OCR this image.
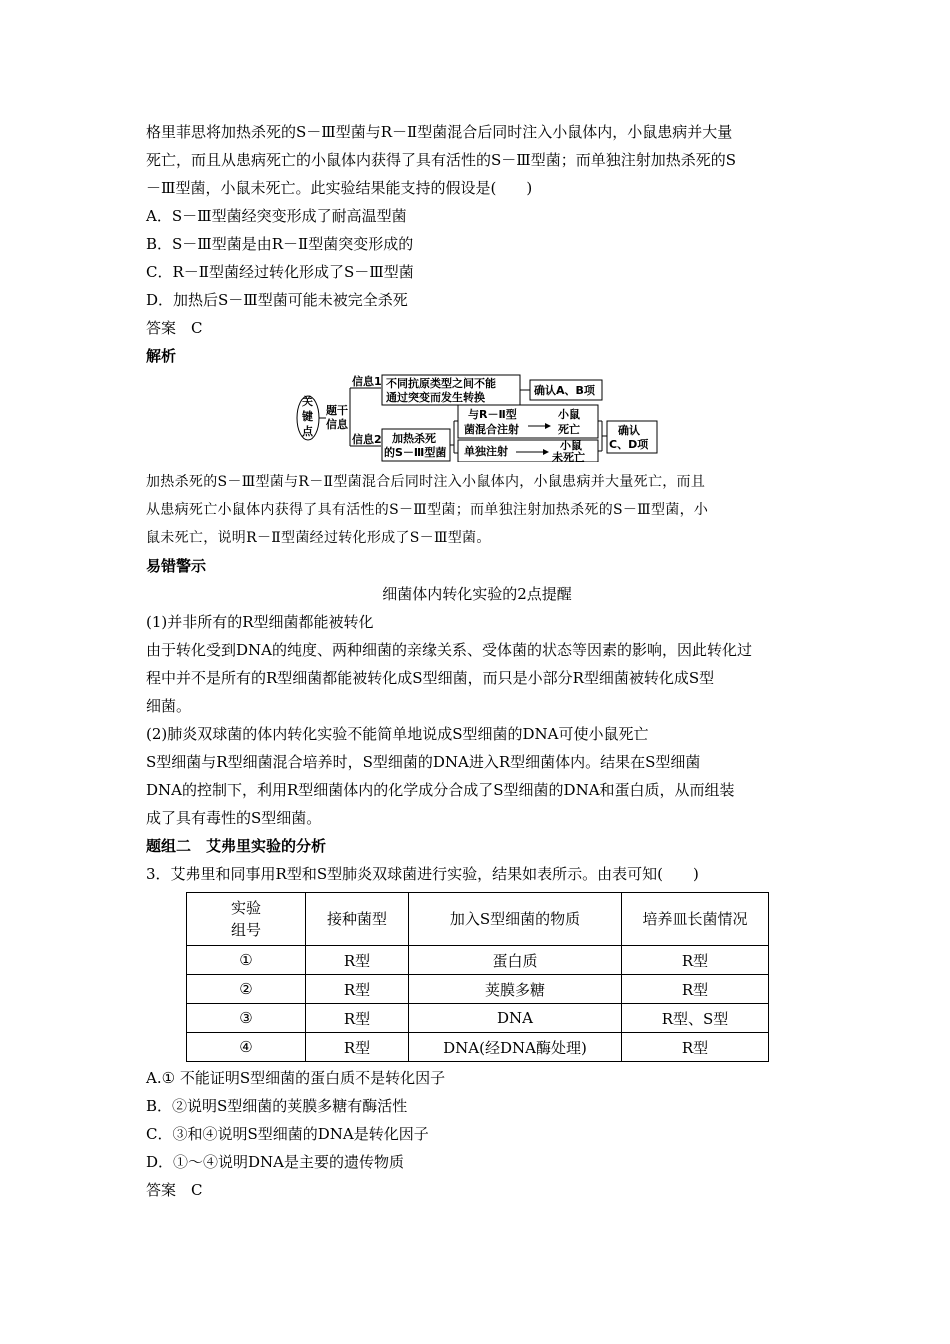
格里菲思将加热杀死的S－Ⅲ型菌与R－Ⅱ型菌混合后同时注入小鼠体内，小鼠患病并大量
死亡，而且从患病死亡的小鼠体内获得了具有活性的S－Ⅲ型菌；而单独注射加热杀死的S
－Ⅲ型菌，小鼠未死亡。此实验结果能支持的假设是(　　)
A．S－Ⅲ型菌经突变形成了耐高温型菌
B．S－Ⅲ型菌是由R－Ⅱ型菌突变形成的
C．R－Ⅱ型菌经过转化形成了S－Ⅲ型菌
D．加热后S－Ⅲ型菌可能未被完全杀死
答案　C
解析
关
键
点
题干
信息
信息1
信息2
不同抗原类型之间不能
通过突变而发生转换
确认A、B项
加热杀死
的S－Ⅲ型菌
与R－Ⅱ型
菌混合注射
小鼠
死亡
单独注射	小鼠
未死亡
确认
C、D项
加热杀死的S－Ⅲ型菌与R－Ⅱ型菌混合后同时注入小鼠体内，小鼠患病并大量死亡，而且
从患病死亡小鼠体内获得了具有活性的S－Ⅲ型菌；而单独注射加热杀死的S－Ⅲ型菌，小
鼠未死亡，说明R－Ⅱ型菌经过转化形成了S－Ⅲ型菌。
易错警示
细菌体内转化实验的2点提醒
(1)并非所有的R型细菌都能被转化
由于转化受到DNA的纯度、两种细菌的亲缘关系、受体菌的状态等因素的影响，因此转化过
程中并不是所有的R型细菌都能被转化成S型细菌，而只是小部分R型细菌被转化成S型
细菌。
(2)肺炎双球菌的体内转化实验不能简单地说成S型细菌的DNA可使小鼠死亡
S型细菌与R型细菌混合培养时，S型细菌的DNA进入R型细菌体内。结果在S型细菌
DNA的控制下，利用R型细菌体内的化学成分合成了S型细菌的DNA和蛋白质，从而组装
成了具有毒性的S型细菌。
题组二　艾弗里实验的分析
3．艾弗里和同事用R型和S型肺炎双球菌进行实验，结果如表所示。由表可知(　　)
实验
组号	接种菌型	加入S型细菌的物质	培养皿长菌情况
①	R型	蛋白质	R型
②	R型	荚膜多糖	R型
③	R型	DNA	R型、S型
④	R型	DNA(经DNA酶处理)	R型
A.① 不能证明S型细菌的蛋白质不是转化因子
B．②说明S型细菌的荚膜多糖有酶活性
C．③和④说明S型细菌的DNA是转化因子
D．①～④说明DNA是主要的遗传物质
答案　C
